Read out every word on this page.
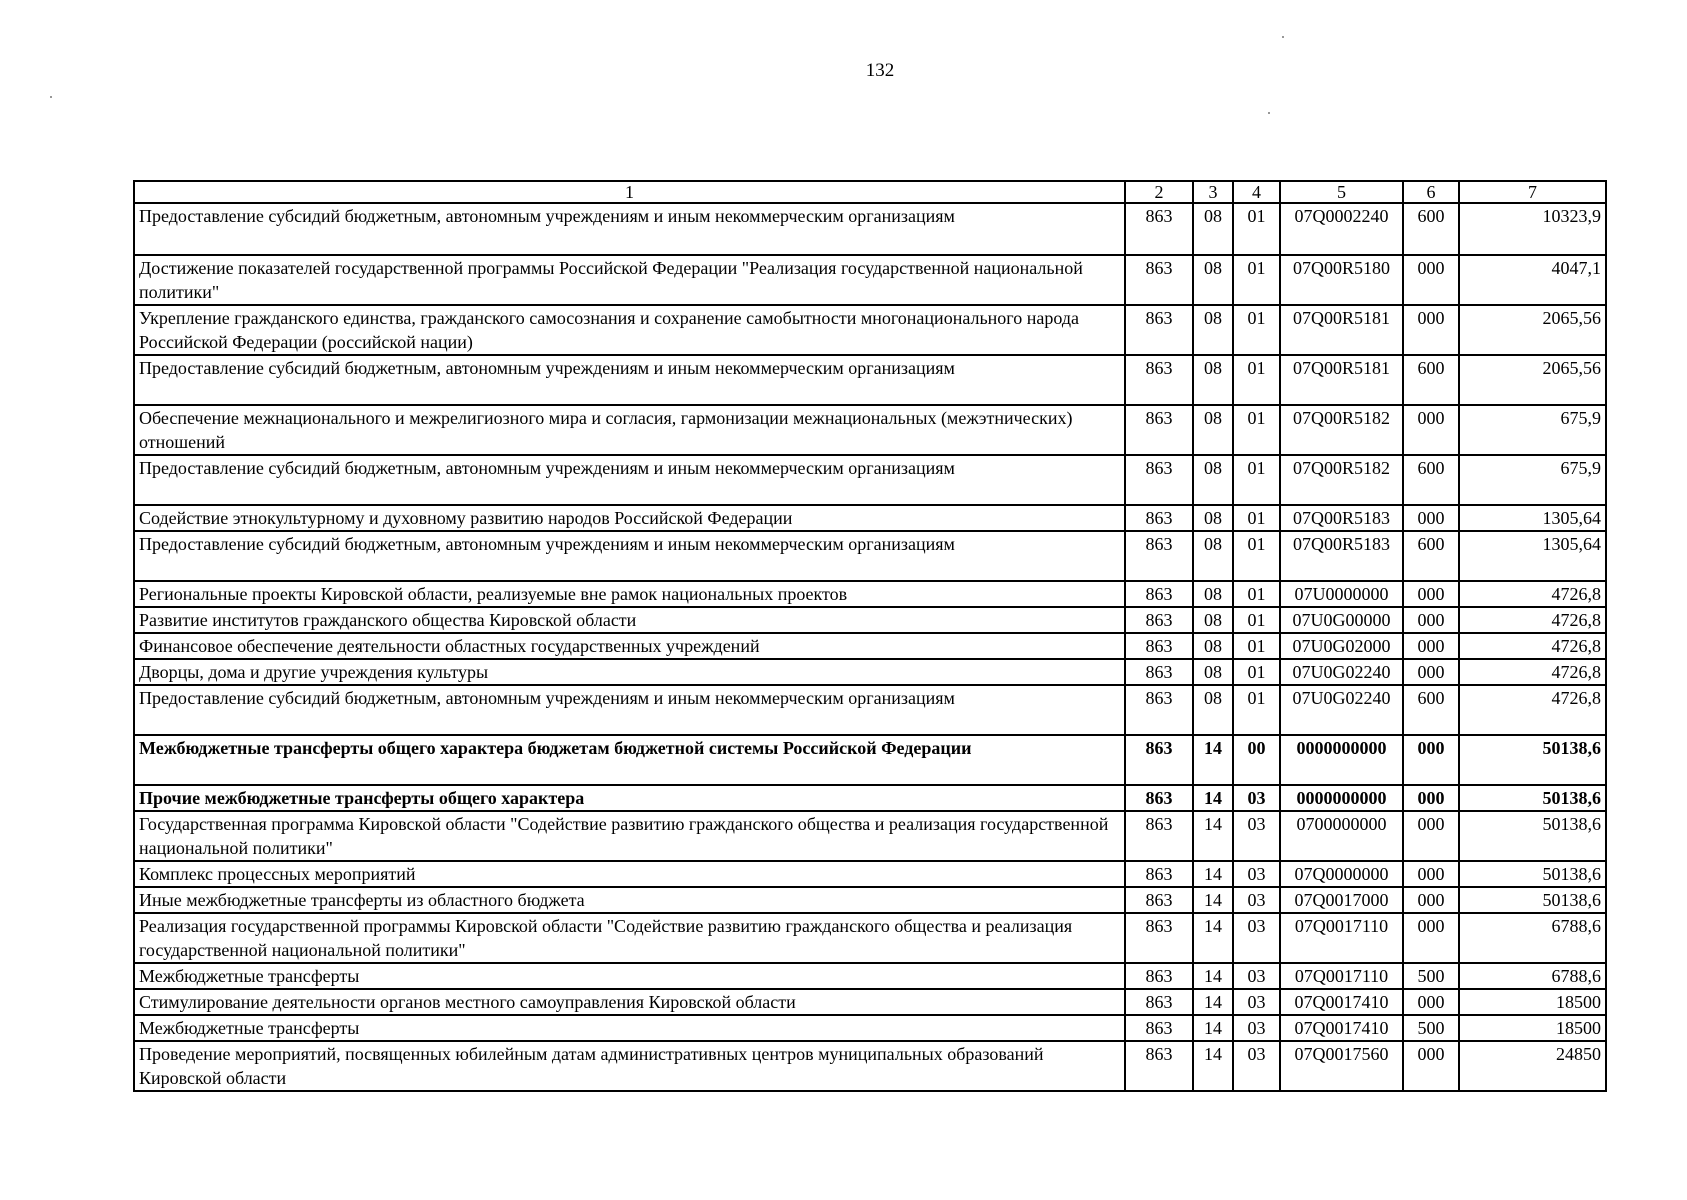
132
1	2	3	4	5	6	7
Предоставление субсидий бюджетным, автономным учреждениям и иным некоммерческим организациям	863	08	01	07Q0002240	600	10323,9
Достижение показателей государственной программы Российской Федерации "Реализация государственной национальной политики"	863	08	01	07Q00R5180	000	4047,1
Укрепление гражданского единства, гражданского самосознания и сохранение самобытности многонационального народа Российской Федерации (российской нации)	863	08	01	07Q00R5181	000	2065,56
Предоставление субсидий бюджетным, автономным учреждениям и иным некоммерческим организациям	863	08	01	07Q00R5181	600	2065,56
Обеспечение межнационального и межрелигиозного мира и согласия, гармонизации межнациональных (межэтнических) отношений	863	08	01	07Q00R5182	000	675,9
Предоставление субсидий бюджетным, автономным учреждениям и иным некоммерческим организациям	863	08	01	07Q00R5182	600	675,9
Содействие этнокультурному и духовному развитию народов Российской Федерации	863	08	01	07Q00R5183	000	1305,64
Предоставление субсидий бюджетным, автономным учреждениям и иным некоммерческим организациям	863	08	01	07Q00R5183	600	1305,64
Региональные проекты Кировской области, реализуемые вне рамок национальных проектов	863	08	01	07U0000000	000	4726,8
Развитие институтов гражданского общества Кировской области	863	08	01	07U0G00000	000	4726,8
Финансовое обеспечение деятельности областных государственных учреждений	863	08	01	07U0G02000	000	4726,8
Дворцы, дома и другие учреждения культуры	863	08	01	07U0G02240	000	4726,8
Предоставление субсидий бюджетным, автономным учреждениям и иным некоммерческим организациям	863	08	01	07U0G02240	600	4726,8
Межбюджетные трансферты общего характера бюджетам бюджетной системы Российской Федерации	863	14	00	0000000000	000	50138,6
Прочие межбюджетные трансферты общего характера	863	14	03	0000000000	000	50138,6
Государственная программа Кировской области "Содействие развитию гражданского общества и реализация государственной национальной политики"	863	14	03	0700000000	000	50138,6
Комплекс процессных мероприятий	863	14	03	07Q0000000	000	50138,6
Иные межбюджетные трансферты из областного бюджета	863	14	03	07Q0017000	000	50138,6
Реализация государственной программы Кировской области "Содействие развитию гражданского общества и реализация государственной национальной политики"	863	14	03	07Q0017110	000	6788,6
Межбюджетные трансферты	863	14	03	07Q0017110	500	6788,6
Стимулирование деятельности органов местного самоуправления Кировской области	863	14	03	07Q0017410	000	18500
Межбюджетные трансферты	863	14	03	07Q0017410	500	18500
Проведение мероприятий, посвященных юбилейным датам административных центров муниципальных образований Кировской области	863	14	03	07Q0017560	000	24850
